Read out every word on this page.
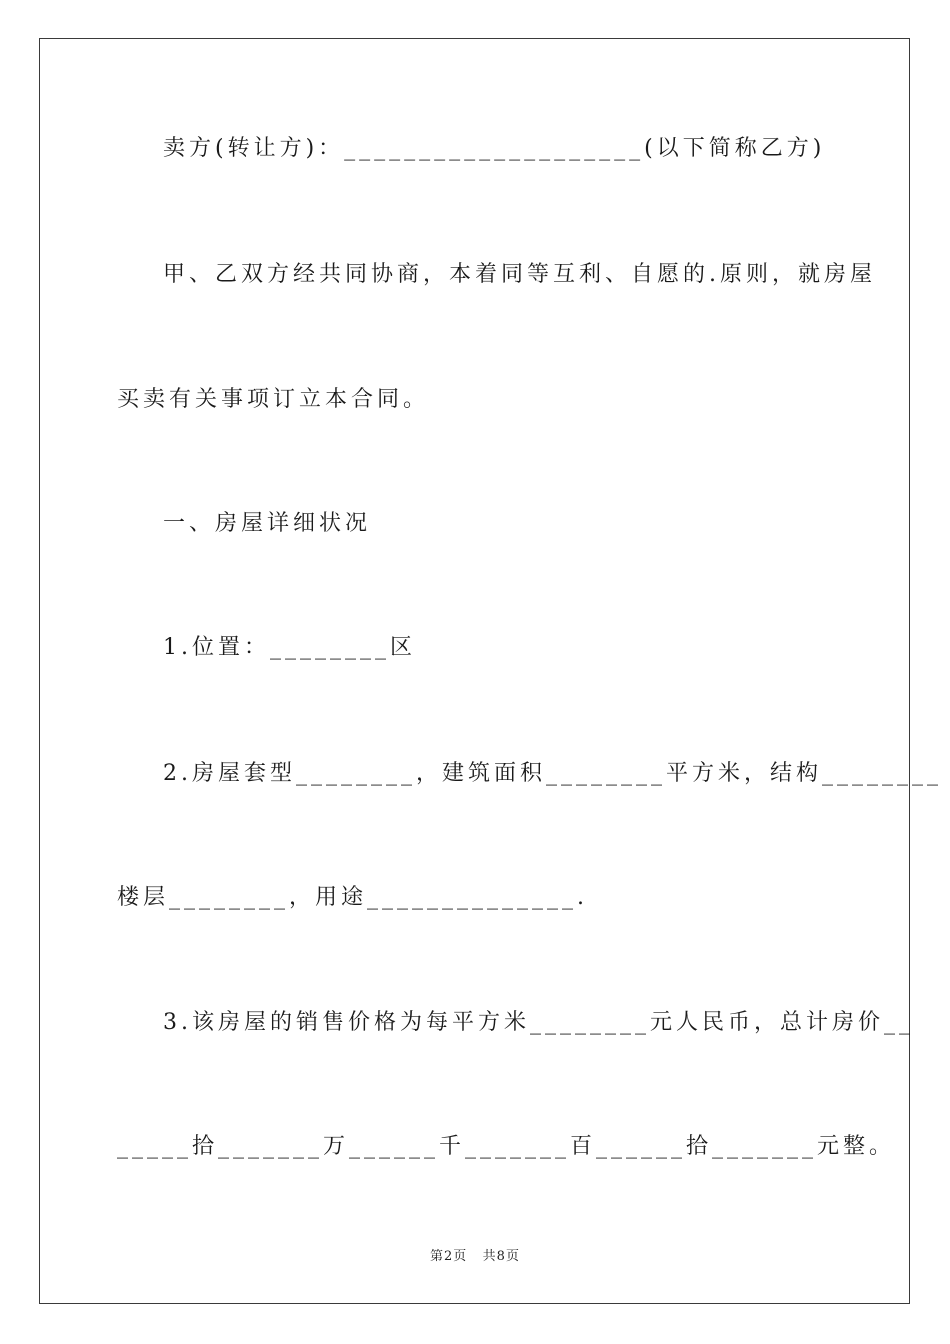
卖方(转让方)：____________________(以下简称乙方)
甲、乙双方经共同协商，本着同等互利、自愿的.原则，就房屋
买卖有关事项订立本合同。
一、房屋详细状况
1.位置：________区
2.房屋套型________，建筑面积________平方米，结构________
楼层________，用途______________.
3.该房屋的销售价格为每平方米________元人民币，总计房价__
_____拾_______万______千_______百______拾_______元整。
第2页   共8页
